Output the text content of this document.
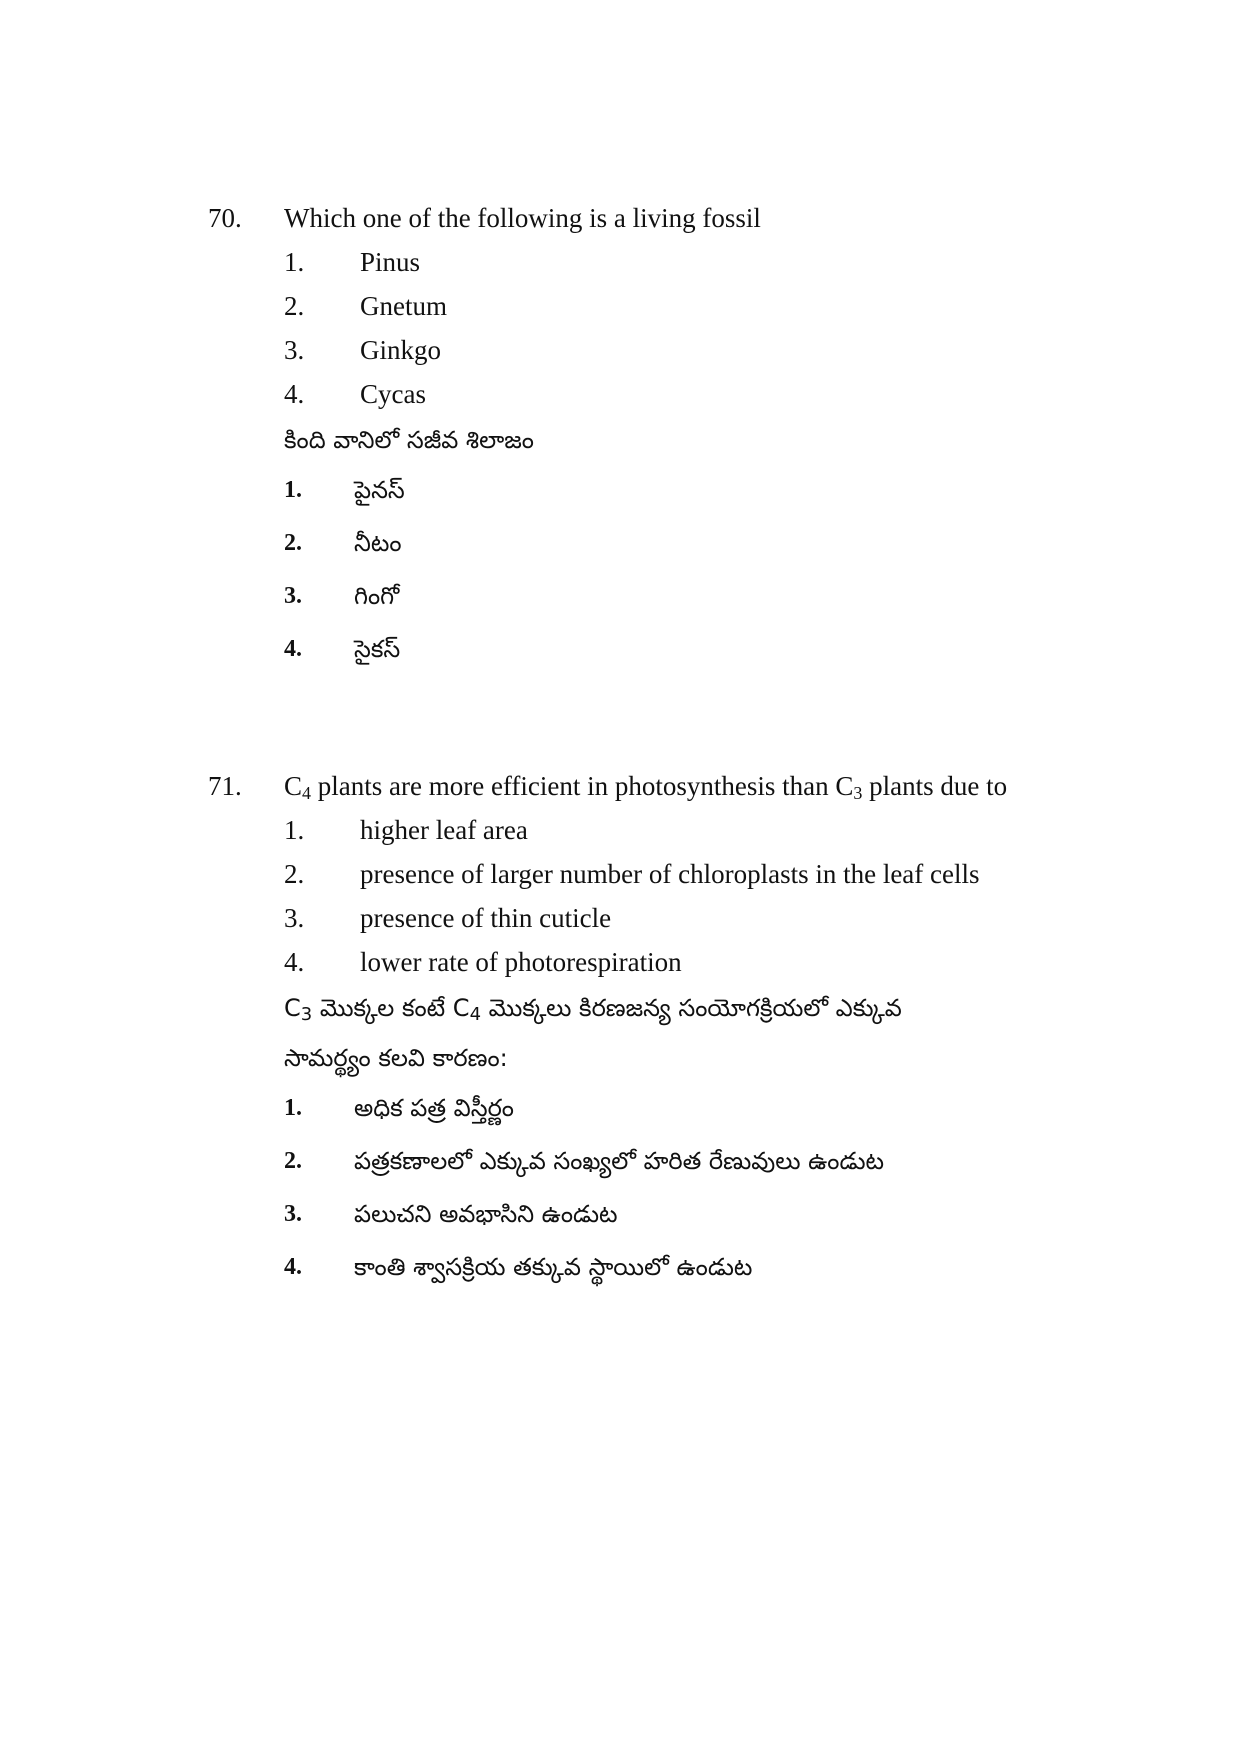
70. Which one of the following is a living fossil
1. Pinus
2. Gnetum
3. Ginkgo
4. Cycas
కింది వానిలో సజీవ శిలాజం
1. పైనస్
2. నీటం
3. గింగో
4. సైకస్
71. $C_4$ plants are more efficient in photosynthesis than $C_3$ plants due to
1. higher leaf area
2. presence of larger number of chloroplasts in the leaf cells
3. presence of thin cuticle
4. lower rate of photorespiration
$C_3$ మొక్కల కంటే $C_4$ మొక్కలు కిరణజన్య సంయోగక్రియలో ఎక్కువ
సామర్థ్యం కలవి కారణం:
1. అధిక పత్ర విస్తీర్ణం
2. పత్రకణాలలో ఎక్కువ సంఖ్యలో హరిత రేణువులు ఉండుట
3. పలుచని అవభాసిని ఉండుట
4. కాంతి శ్వాసక్రియ తక్కువ స్థాయిలో ఉండుట
